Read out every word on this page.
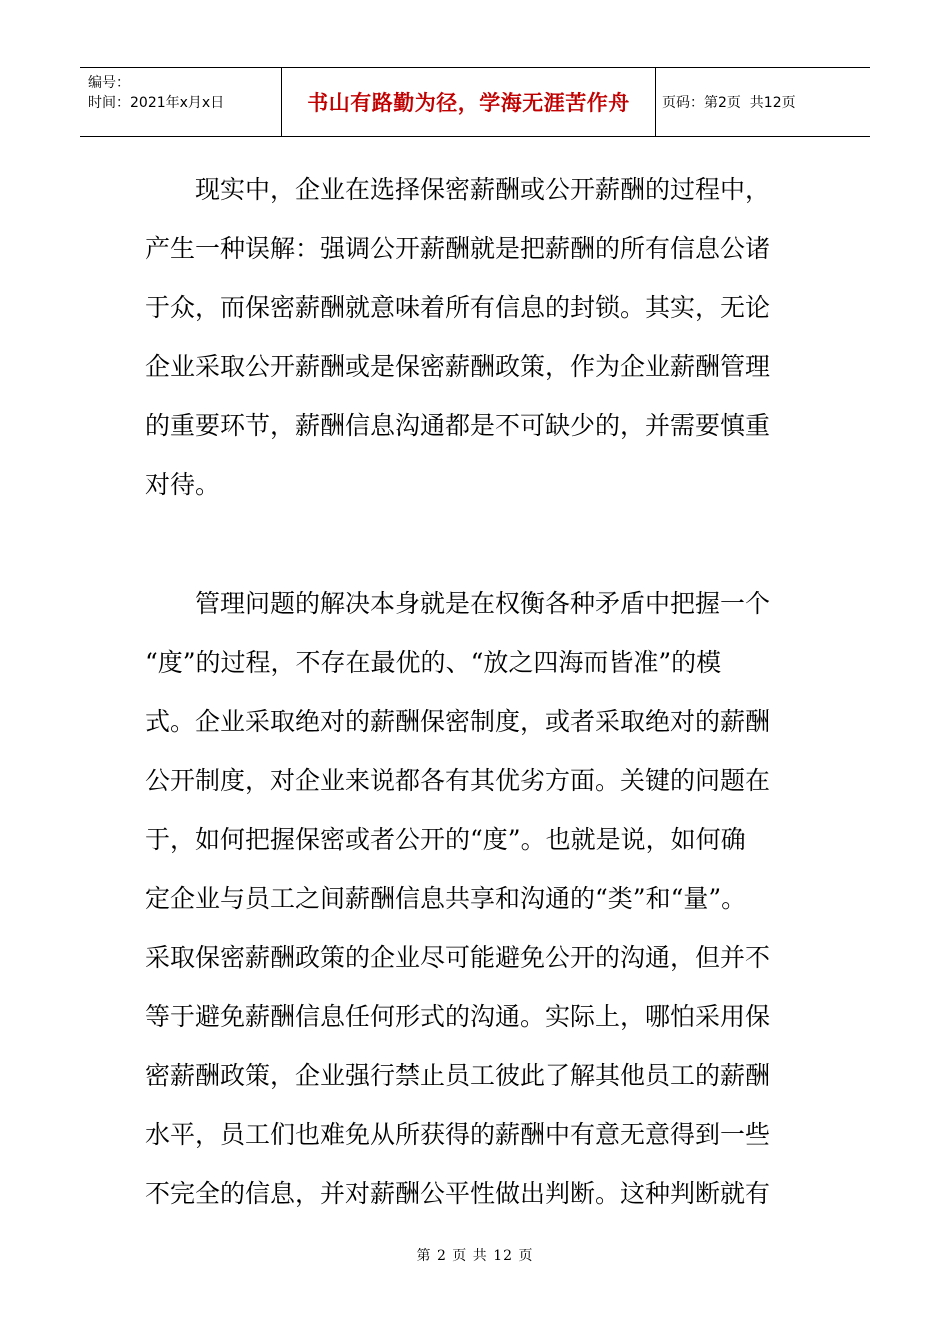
编号：
时间：2021年x月x日	书山有路勤为径，学海无涯苦作舟	页码：第2页  共12页
现实中，企业在选择保密薪酬或公开薪酬的过程中，
产生一种误解：强调公开薪酬就是把薪酬的所有信息公诸
于众，而保密薪酬就意味着所有信息的封锁。其实，无论
企业采取公开薪酬或是保密薪酬政策，作为企业薪酬管理
的重要环节，薪酬信息沟通都是不可缺少的，并需要慎重
对待。
管理问题的解决本身就是在权衡各种矛盾中把握一个
“度”的过程，不存在最优的、“放之四海而皆准”的模
式。企业采取绝对的薪酬保密制度，或者采取绝对的薪酬
公开制度，对企业来说都各有其优劣方面。关键的问题在
于，如何把握保密或者公开的“度”。也就是说，如何确
定企业与员工之间薪酬信息共享和沟通的“类”和“量”。
采取保密薪酬政策的企业尽可能避免公开的沟通，但并不
等于避免薪酬信息任何形式的沟通。实际上，哪怕采用保
密薪酬政策，企业强行禁止员工彼此了解其他员工的薪酬
水平，员工们也难免从所获得的薪酬中有意无意得到一些
不完全的信息，并对薪酬公平性做出判断。这种判断就有
第 2 页 共 12 页
